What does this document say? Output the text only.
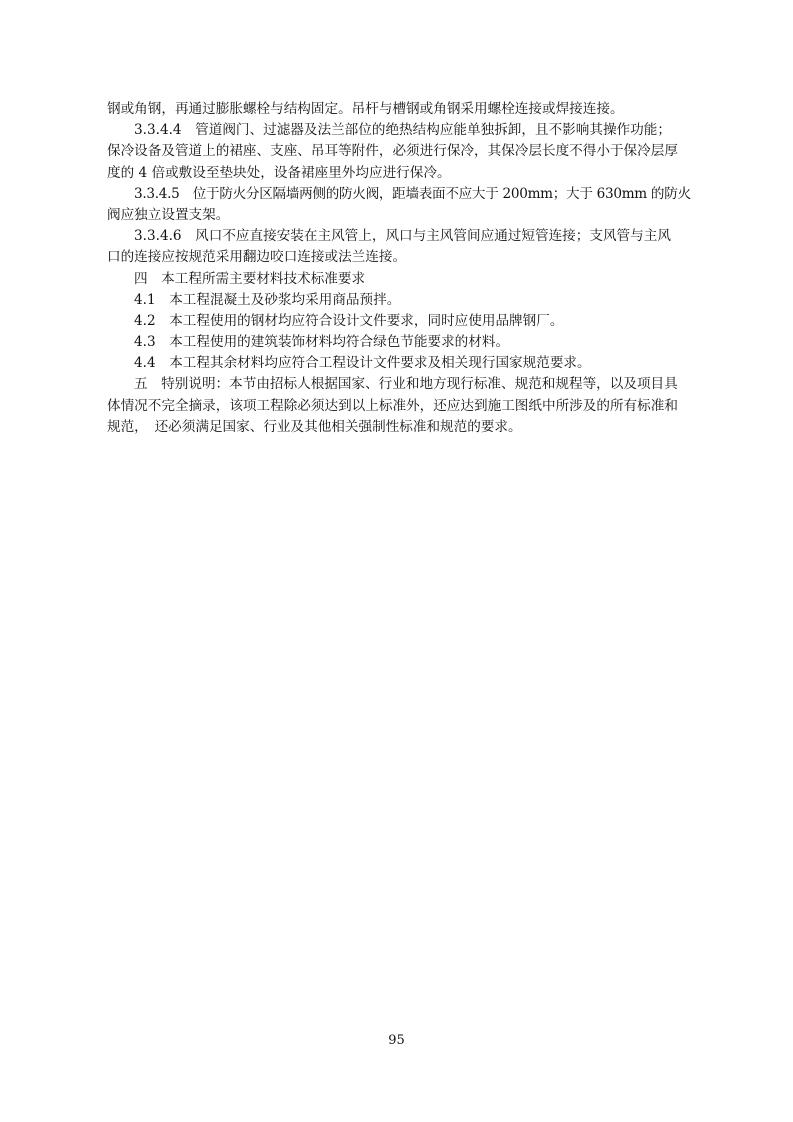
钢或角钢，再通过膨胀螺栓与结构固定。吊杆与槽钢或角钢采用螺栓连接或焊接连接。
3.3.4.4　管道阀门、过滤器及法兰部位的绝热结构应能单独拆卸，且不影响其操作功能；
保冷设备及管道上的裙座、支座、吊耳等附件，必须进行保冷，其保冷层长度不得小于保冷层厚
度的 4 倍或敷设至垫块处，设备裙座里外均应进行保冷。
3.3.4.5　位于防火分区隔墙两侧的防火阀，距墙表面不应大于 200mm；大于 630mm 的防火
阀应独立设置支架。
3.3.4.6　风口不应直接安装在主风管上，风口与主风管间应通过短管连接；支风管与主风
口的连接应按规范采用翻边咬口连接或法兰连接。
四　本工程所需主要材料技术标准要求
4.1　本工程混凝土及砂浆均采用商品预拌。
4.2　本工程使用的钢材均应符合设计文件要求，同时应使用品牌钢厂。
4.3　本工程使用的建筑装饰材料均符合绿色节能要求的材料。
4.4　本工程其余材料均应符合工程设计文件要求及相关现行国家规范要求。
五　特别说明：本节由招标人根据国家、行业和地方现行标准、规范和规程等，以及项目具
体情况不完全摘录，该项工程除必须达到以上标准外，还应达到施工图纸中所涉及的所有标准和
规范，　还必须满足国家、行业及其他相关强制性标准和规范的要求。
95
